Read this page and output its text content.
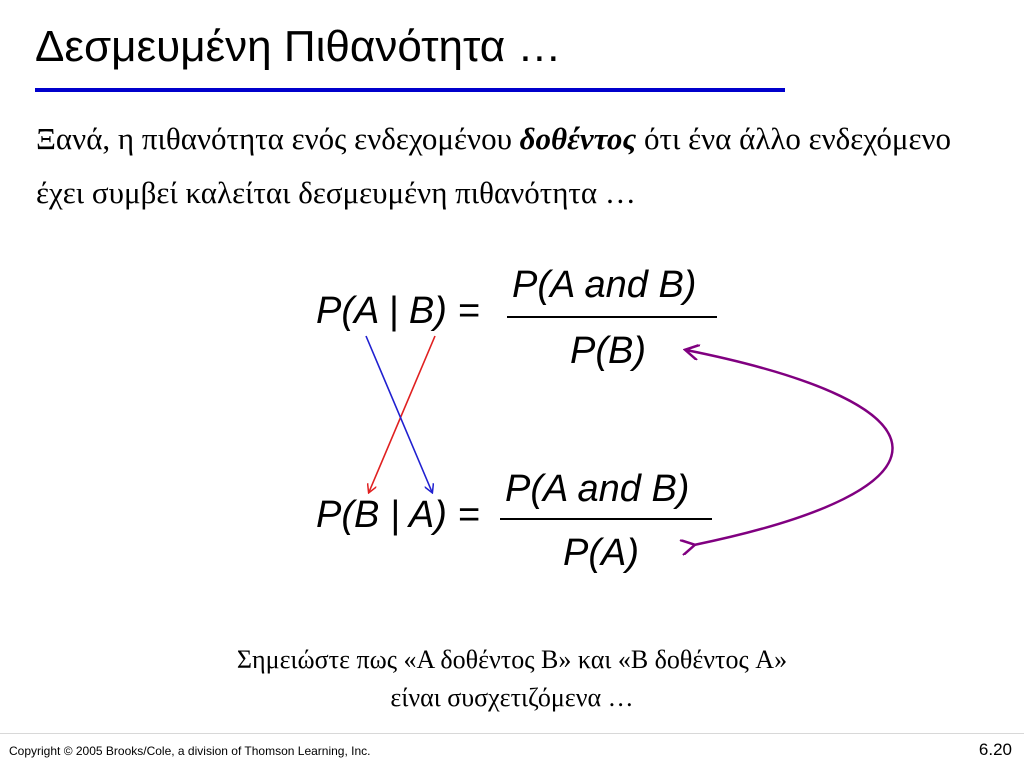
Δεσμευμένη Πιθανότητα …
Ξανά, η πιθανότητα ενός ενδεχομένου δοθέντος ότι ένα άλλο ενδεχόμενο έχει συμβεί καλείται δεσμευμένη πιθανότητα …
P(A | B) =
P(A and B)
P(B)
P(B | A) =
P(A and B)
P(A)
Σημειώστε πως «A δοθέντος B» και «B δοθέντος A»
είναι συσχετιζόμενα …
Copyright © 2005 Brooks/Cole, a division of Thomson Learning, Inc.	6.20
